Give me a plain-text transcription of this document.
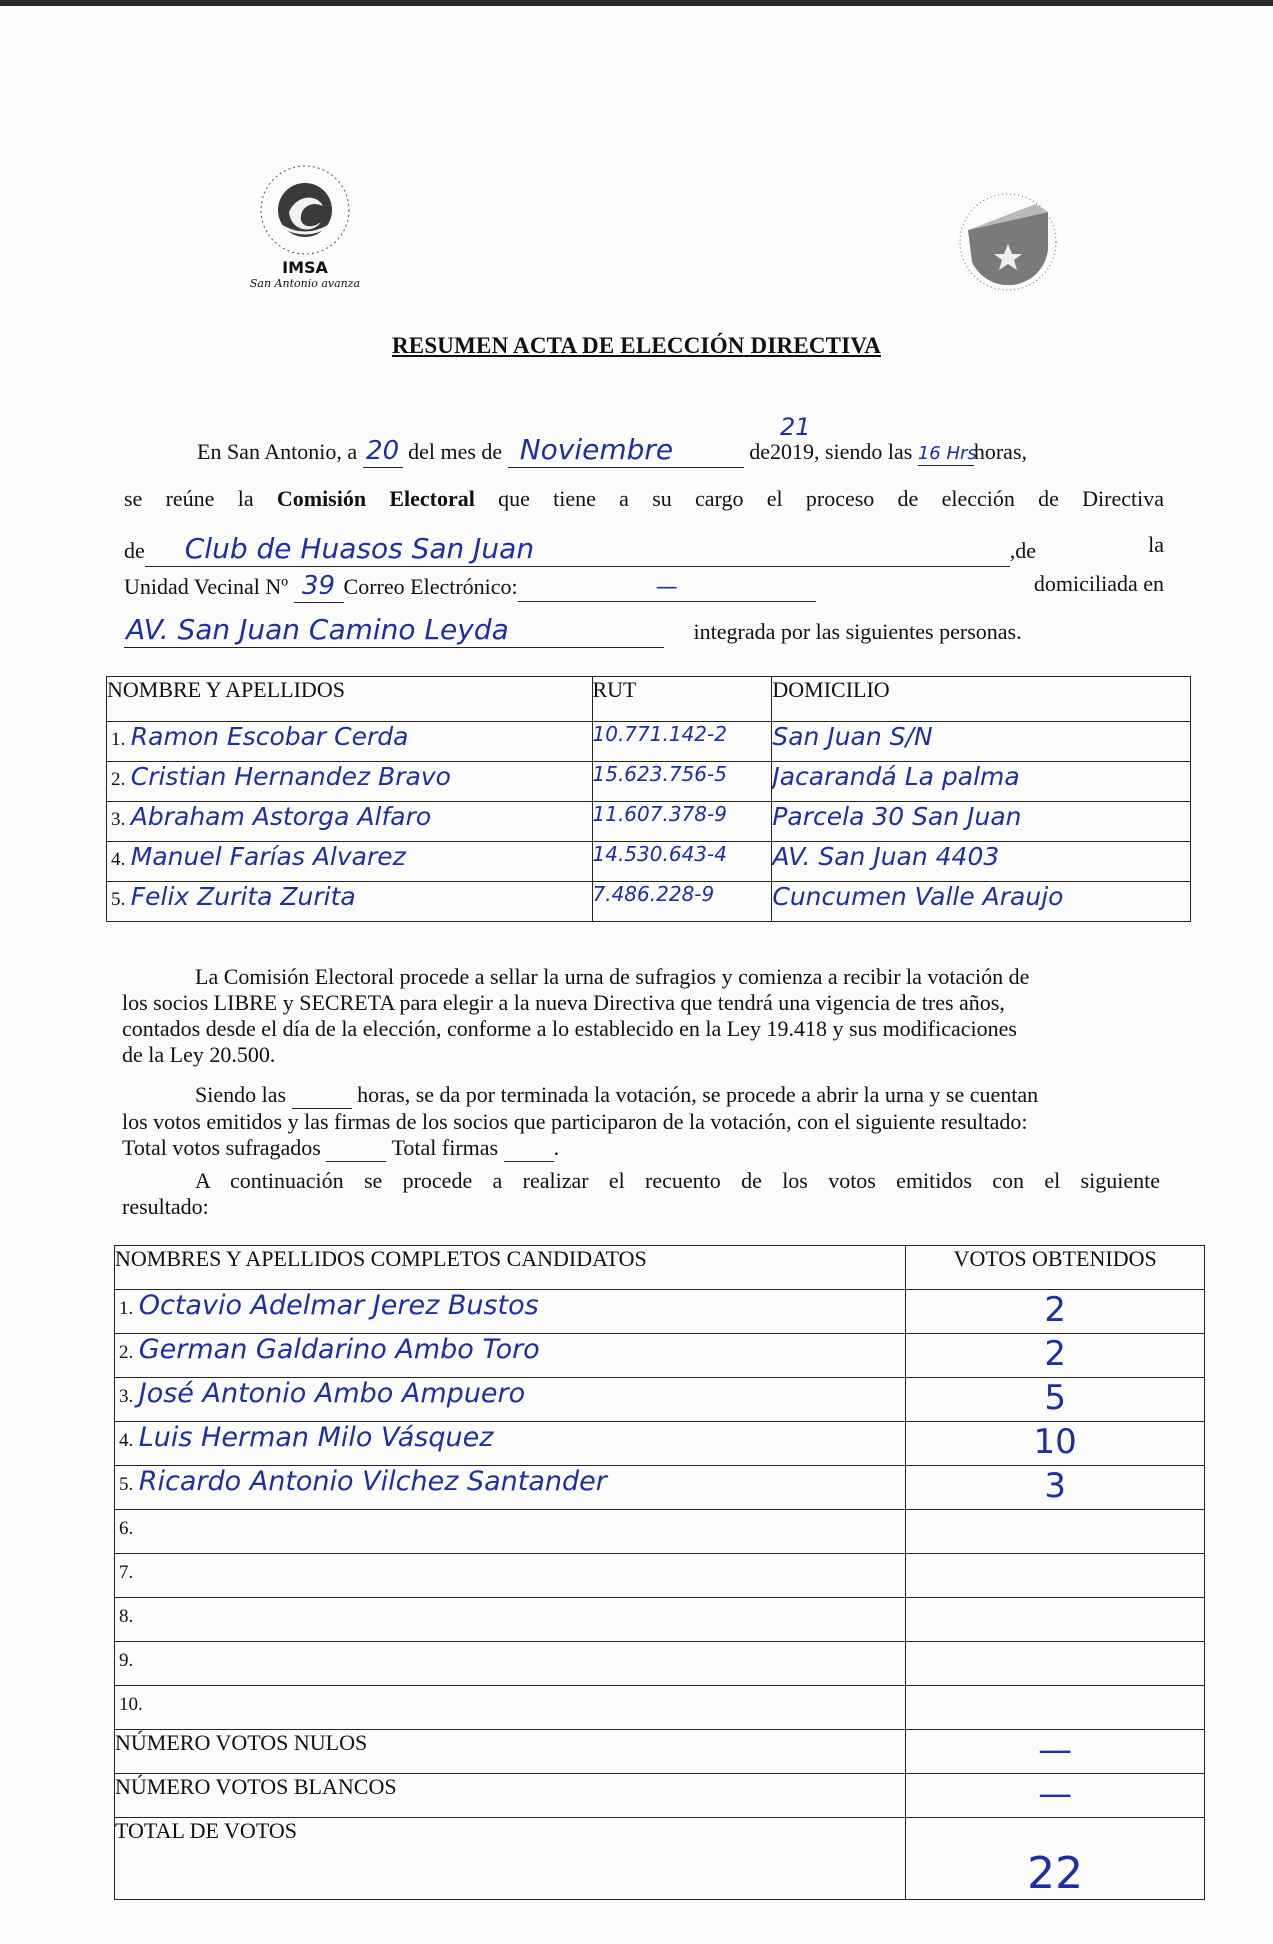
IMSA
San Antonio avanza
RESUMEN ACTA DE ELECCIÓN DIRECTIVA
En San Antonio, a 20 del mes de Noviembre	de2019
21
, siendo las 16 Hrshoras,
se reúne la Comisión Electoral que tiene a su cargo el proceso de elección de Directiva
de Club de Huasos San Juan	,de	la
Unidad Vecinal Nº 39 Correo Electrónico:	—	domiciliada en
AV. San Juan Camino Leyda	integrada por las siguientes personas.
NOMBRE Y APELLIDOS	RUT	DOMICILIO
1. Ramon Escobar Cerda	10.771.142-2	San Juan S/N
2. Cristian Hernandez Bravo	15.623.756-5	Jacarandá La palma
3. Abraham Astorga Alfaro	11.607.378-9	Parcela 30 San Juan
4. Manuel Farías Alvarez	14.530.643-4	AV. San Juan 4403
5. Felix Zurita Zurita	7.486.228-9	Cuncumen Valle Araujo
La Comisión Electoral procede a sellar la urna de sufragios y comienza a recibir la votación de
los socios LIBRE y SECRETA para elegir a la nueva Directiva que tendrá una vigencia de tres años,
contados desde el día de la elección, conforme a lo establecido en la Ley 19.418 y sus modificaciones
de la Ley 20.500.
Siendo las	horas, se da por terminada la votación, se procede a abrir la urna y se cuentan
los votos emitidos y las firmas de los socios que participaron de la votación, con el siguiente resultado:
Total votos sufragados	Total firmas	.
A continuación se procede a realizar el recuento de los votos emitidos con el siguiente
resultado:
NOMBRES Y APELLIDOS COMPLETOS CANDIDATOS	VOTOS OBTENIDOS
1. Octavio Adelmar Jerez Bustos	2
2. German Galdarino Ambo Toro	2
3. José Antonio Ambo Ampuero	5
4. Luis Herman Milo Vásquez	10
5. Ricardo Antonio Vilchez Santander	3
6.	
7.	
8.	
9.	
10.	
NÚMERO VOTOS NULOS	—
NÚMERO VOTOS BLANCOS	—
TOTAL DE VOTOS	22
